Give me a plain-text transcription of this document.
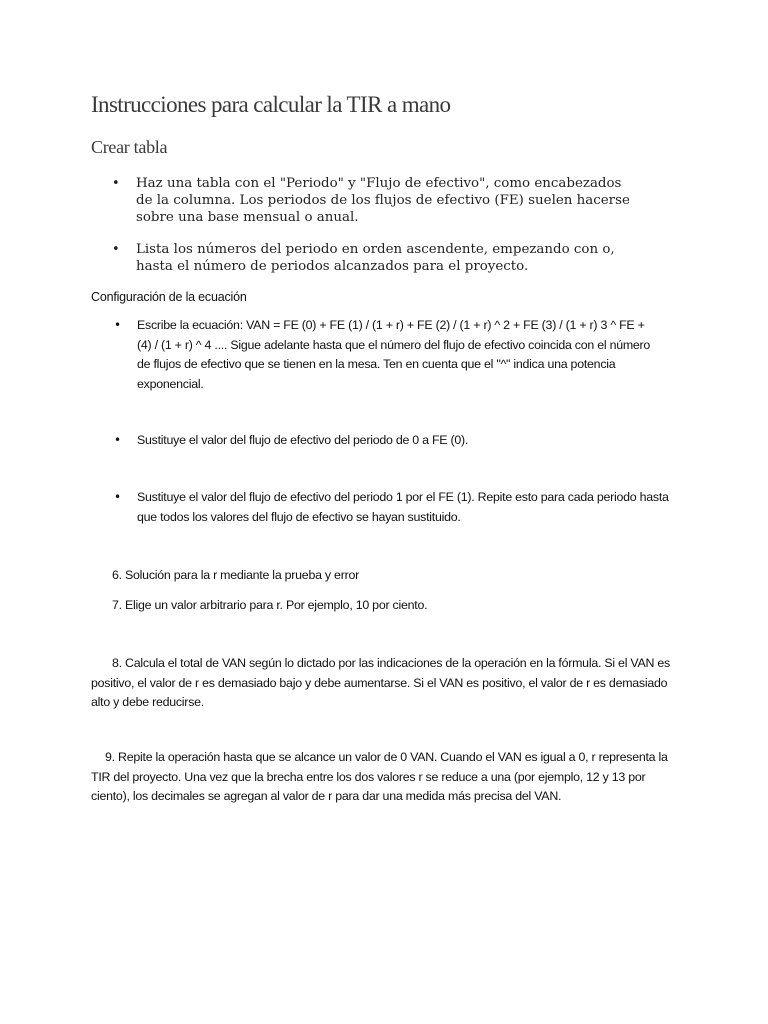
Instrucciones para calcular la TIR a mano
Crear tabla
• Haz una tabla con el "Periodo" y "Flujo de efectivo", como encabezados de la columna. Los periodos de los flujos de efectivo (FE) suelen hacerse sobre una base mensual o anual.
• Lista los números del periodo en orden ascendente, empezando con o, hasta el número de periodos alcanzados para el proyecto.

Configuración de la ecuación

• Escribe la ecuación: VAN = FE (0) + FE (1) / (1 + r) + FE (2) / (1 + r) ^ 2 + FE (3) / (1 + r) 3 ^ FE + (4) / (1 + r) ^ 4 .... Sigue adelante hasta que el número del flujo de efectivo coincida con el número de flujos de efectivo que se tienen en la mesa. Ten en cuenta que el "^" indica una potencia exponencial.
• Sustituye el valor del flujo de efectivo del periodo de 0 a FE (0).
• Sustituye el valor del flujo de efectivo del periodo 1 por el FE (1). Repite esto para cada periodo hasta que todos los valores del flujo de efectivo se hayan sustituido.

6. Solución para la r mediante la prueba y error

7. Elige un valor arbitrario para r. Por ejemplo, 10 por ciento.

8. Calcula el total de VAN según lo dictado por las indicaciones de la operación en la fórmula. Si el VAN es positivo, el valor de r es demasiado bajo y debe aumentarse. Si el VAN es positivo, el valor de r es demasiado alto y debe reducirse.

9. Repite la operación hasta que se alcance un valor de 0 VAN. Cuando el VAN es igual a 0, r representa la TIR del proyecto. Una vez que la brecha entre los dos valores r se reduce a una (por ejemplo, 12 y 13 por ciento), los decimales se agregan al valor de r para dar una medida más precisa del VAN.
